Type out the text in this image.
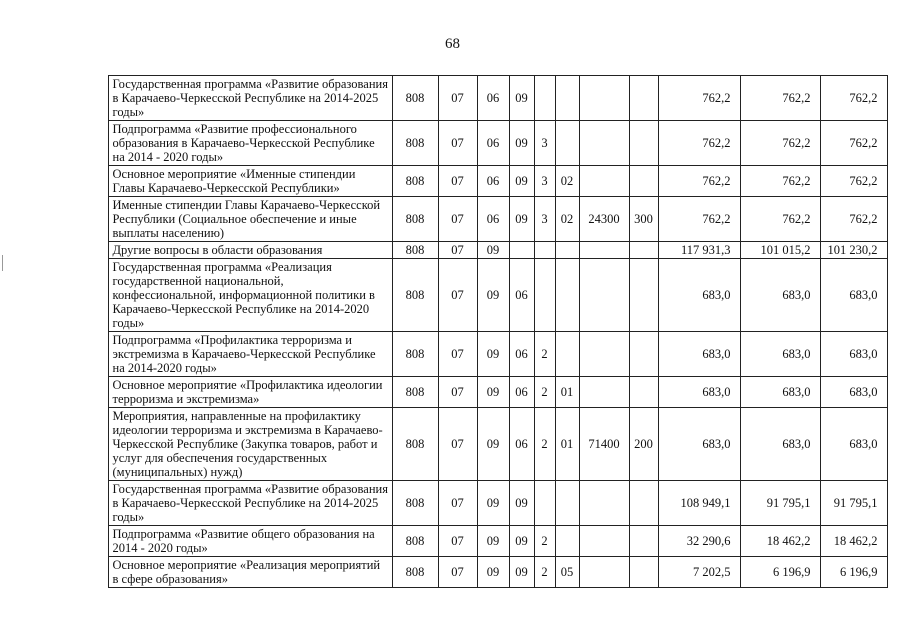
68
	Государственная программа «Развитие образования в Карачаево-Черкесской Республике на 2014-2025 годы»	808	07	06	09					762,2	762,2	762,2
	Подпрограмма «Развитие профессионального образования в Карачаево-Черкесской Республике на 2014 - 2020 годы»	808	07	06	09	3				762,2	762,2	762,2
	Основное мероприятие «Именные стипендии Главы Карачаево-Черкесской Республики»	808	07	06	09	3	02			762,2	762,2	762,2
	Именные стипендии Главы Карачаево-Черкесской Республики (Социальное обеспечение и иные выплаты населению)	808	07	06	09	3	02	24300	300	762,2	762,2	762,2
	Другие вопросы в области образования	808	07	09						117 931,3	101 015,2	101 230,2
	Государственная программа «Реализация государственной национальной, конфессиональной, информационной политики в Карачаево-Черкесской Республике на 2014-2020 годы»	808	07	09	06					683,0	683,0	683,0
	Подпрограмма «Профилактика терроризма и экстремизма в Карачаево-Черкесской Республике на 2014-2020 годы»	808	07	09	06	2				683,0	683,0	683,0
	Основное мероприятие «Профилактика идеологии терроризма и экстремизма»	808	07	09	06	2	01			683,0	683,0	683,0
	Мероприятия, направленные на профилактику идеологии терроризма и экстремизма в Карачаево-Черкесской Республике (Закупка товаров, работ и услуг для обеспечения государственных (муниципальных) нужд)	808	07	09	06	2	01	71400	200	683,0	683,0	683,0
	Государственная программа «Развитие образования в Карачаево-Черкесской Республике на 2014-2025 годы»	808	07	09	09					108 949,1	91 795,1	91 795,1
	Подпрограмма «Развитие общего образования на 2014 - 2020 годы»	808	07	09	09	2				32 290,6	18 462,2	18 462,2
	Основное мероприятие «Реализация мероприятий в сфере образования»	808	07	09	09	2	05			7 202,5	6 196,9	6 196,9
